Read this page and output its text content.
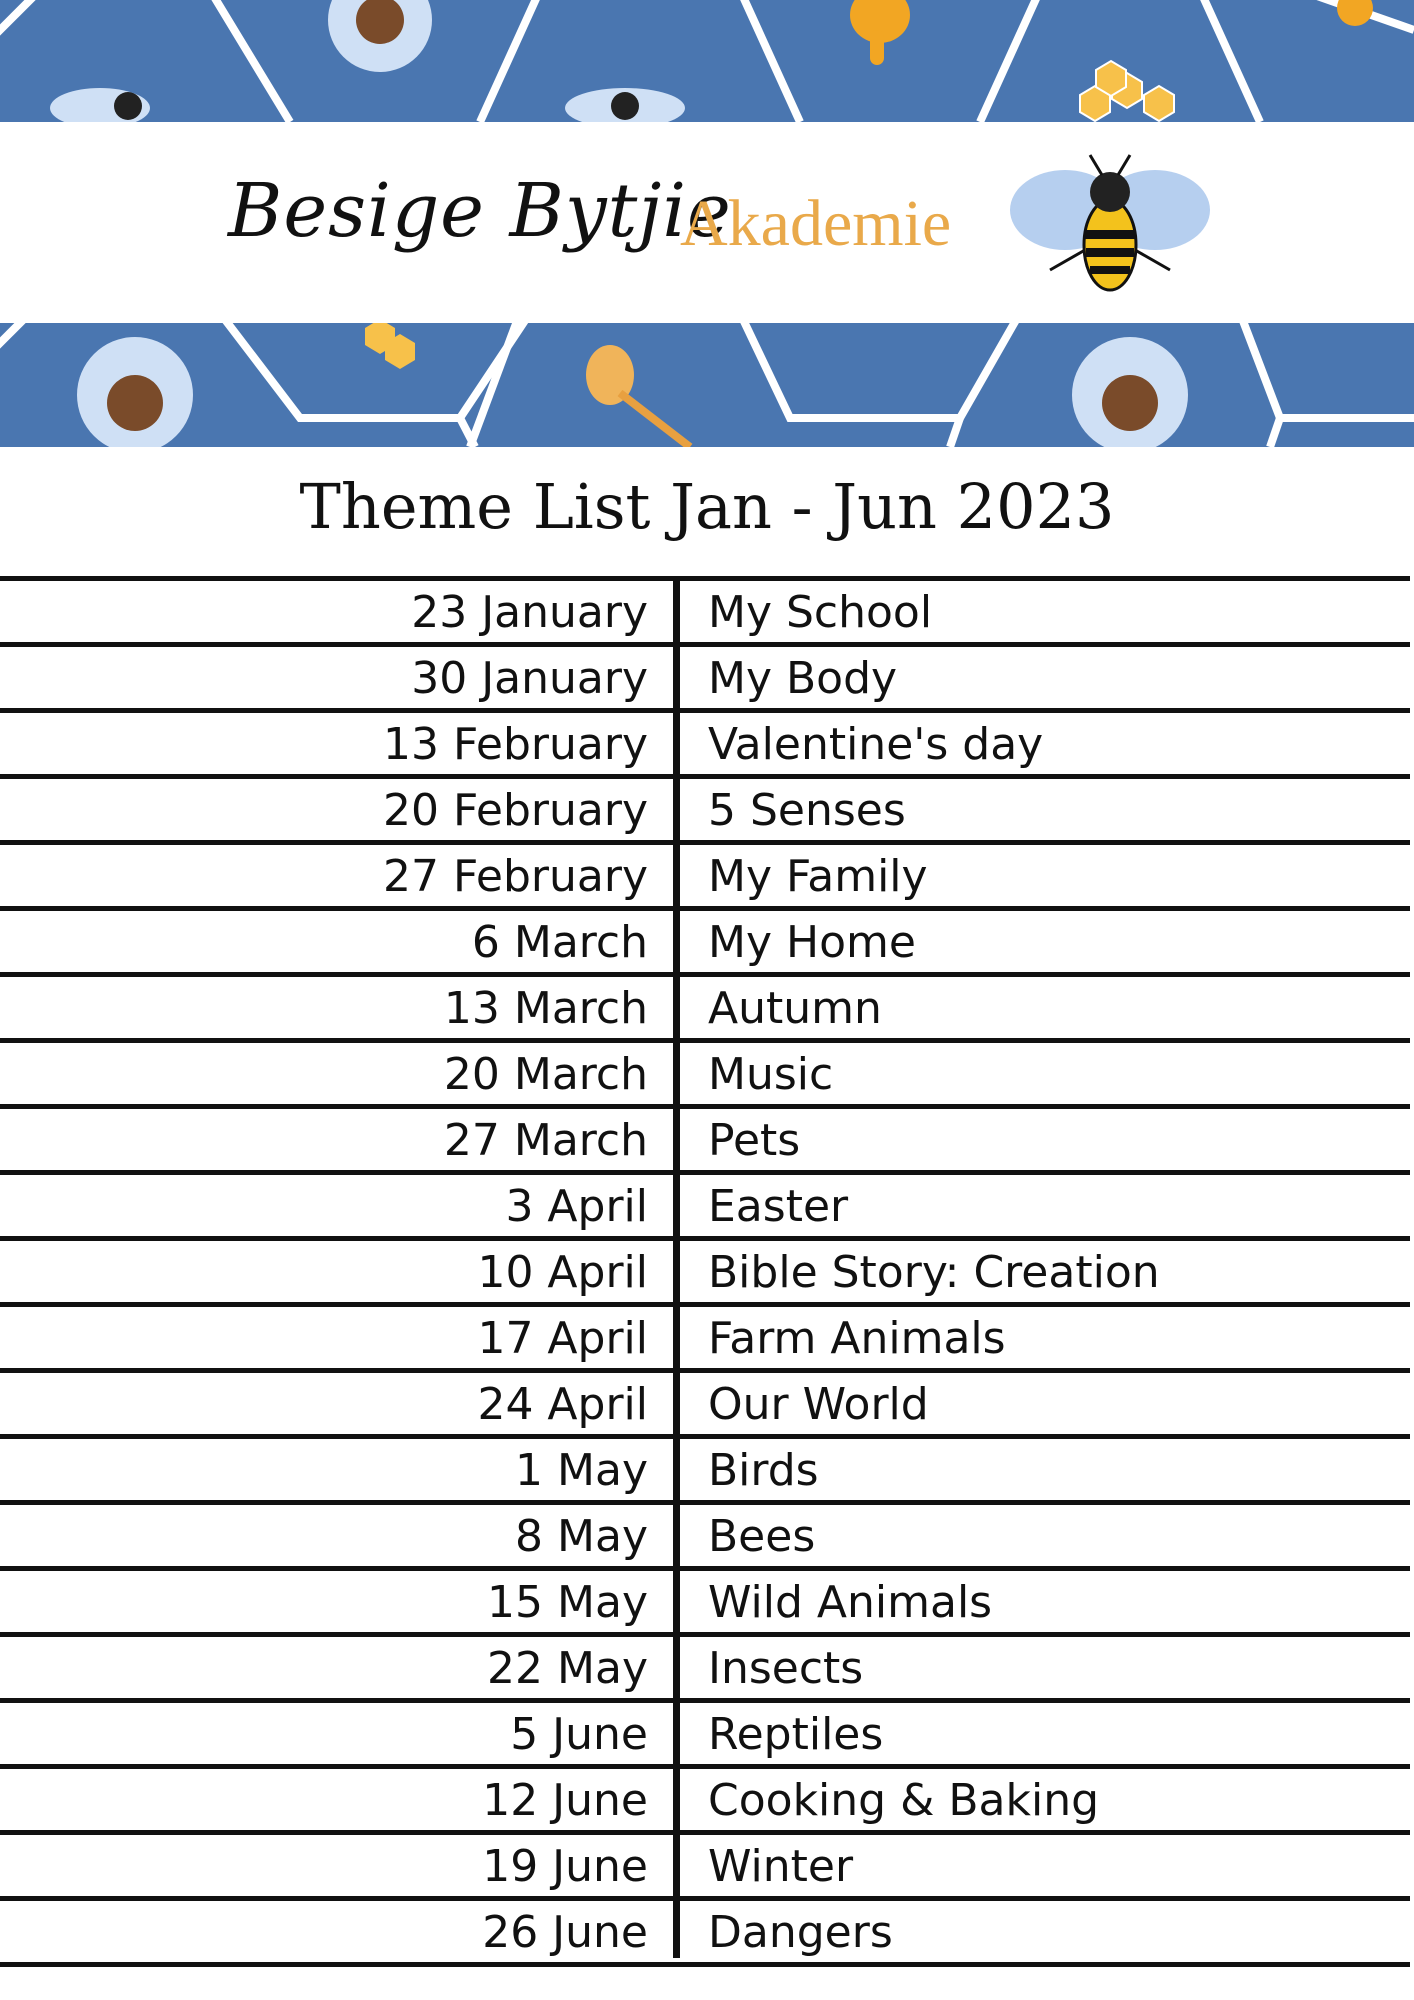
Besige Bytjie
Akademie
Theme List Jan - Jun 2023
23 January My School
30 January My Body
13 February Valentine's day
20 February 5 Senses
27 February My Family
6 March My Home
13 March Autumn
20 March Music
27 March Pets
3 April Easter
10 April Bible Story: Creation
17 April Farm Animals
24 April Our World
1 May Birds
8 May Bees
15 May Wild Animals
22 May Insects
5 June Reptiles
12 June Cooking & Baking
19 June Winter
26 June Dangers
